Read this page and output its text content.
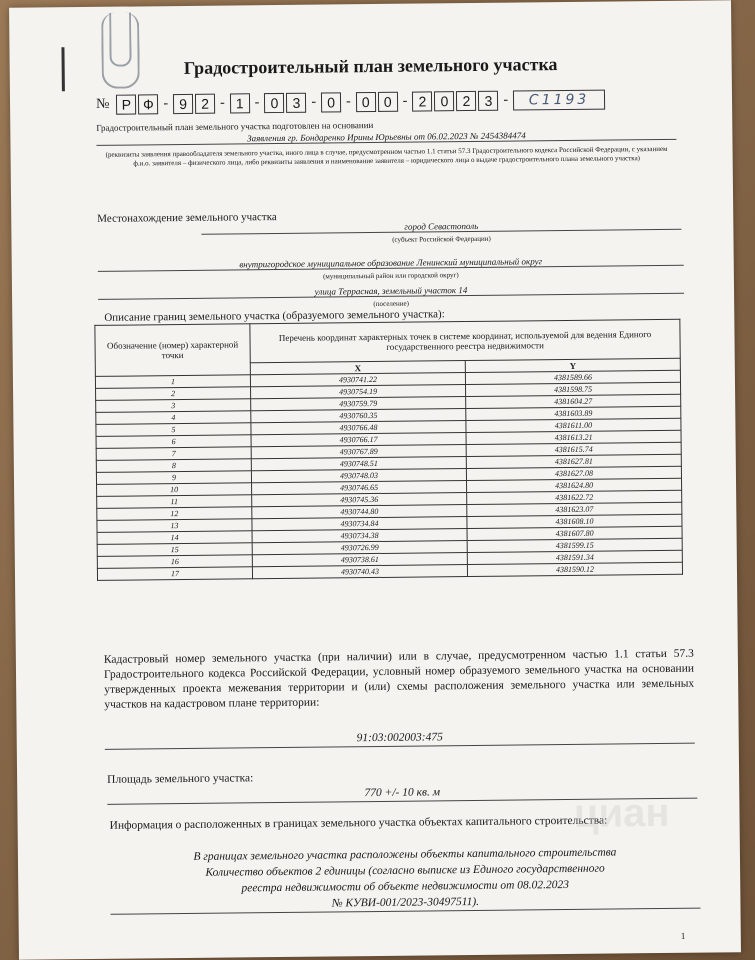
Градостроительный план земельного участка
№ Р Ф - 9	2 - 1 - 0	3 - 0 - 0	0 - 2	0	2	3 -	С1193
Градостроительный план земельного участка подготовлен на основании
Заявления гр. Бондаренко Ирины Юрьевны от 06.02.2023 № 2454384474
(реквизиты заявления правообладателя земельного участка, иного лица в случае, предусмотренном частью 1.1 статьи 57.3 Градостроительного кодекса Российской Федерации, с указанием ф.и.о. заявителя – физического лица, либо реквизиты заявления и наименование заявителя – юридического лица о выдаче градостроительного плана земельного участка)
Местонахождение земельного участка
город Севастополь
(субъект Российской Федерации)
внутригородское муниципальное образование Ленинский муниципальный округ
(муниципальный район или городской округ)
улица Террасная, земельный участок 14
(поселение)
Описание границ земельного участка (образуемого земельного участка):
Обозначение (номер) характерной точки	Перечень координат характерных точек в системе координат, используемой для ведения Единого государственного реестра недвижимости	
	X	Y
1	4930741.22	4381589.66
2	4930754.19	4381598.75
3	4930759.79	4381604.27
4	4930760.35	4381603.89
5	4930766.48	4381611.00
6	4930766.17	4381613.21
7	4930767.89	4381615.74
8	4930748.51	4381627.81
9	4930748.03	4381627.08
10	4930746.65	4381624.80
11	4930745.36	4381622.72
12	4930744.80	4381623.07
13	4930734.84	4381608.10
14	4930734.38	4381607.80
15	4930726.99	4381599.15
16	4930738.61	4381591.34
17	4930740.43	4381590.12
Кадастровый номер земельного участка (при наличии) или в случае, предусмотренном частью 1.1 статьи 57.3 Градостроительного кодекса Российской Федерации, условный номер образуемого земельного участка на основании утвержденных проекта межевания территории и (или) схемы расположения земельного участка или земельных участков на кадастровом плане территории:
91:03:002003:475
Площадь земельного участка:
770 +/- 10 кв. м
Информация о расположенных в границах земельного участка объектах капитального строительства:
В границах земельного участка расположены объекты капитального строительства
Количество объектов 2 единицы (согласно выписке из Единого государственного
реестра недвижимости об объекте недвижимости от 08.02.2023
№ КУВИ-001/2023-30497511).
циан
1
